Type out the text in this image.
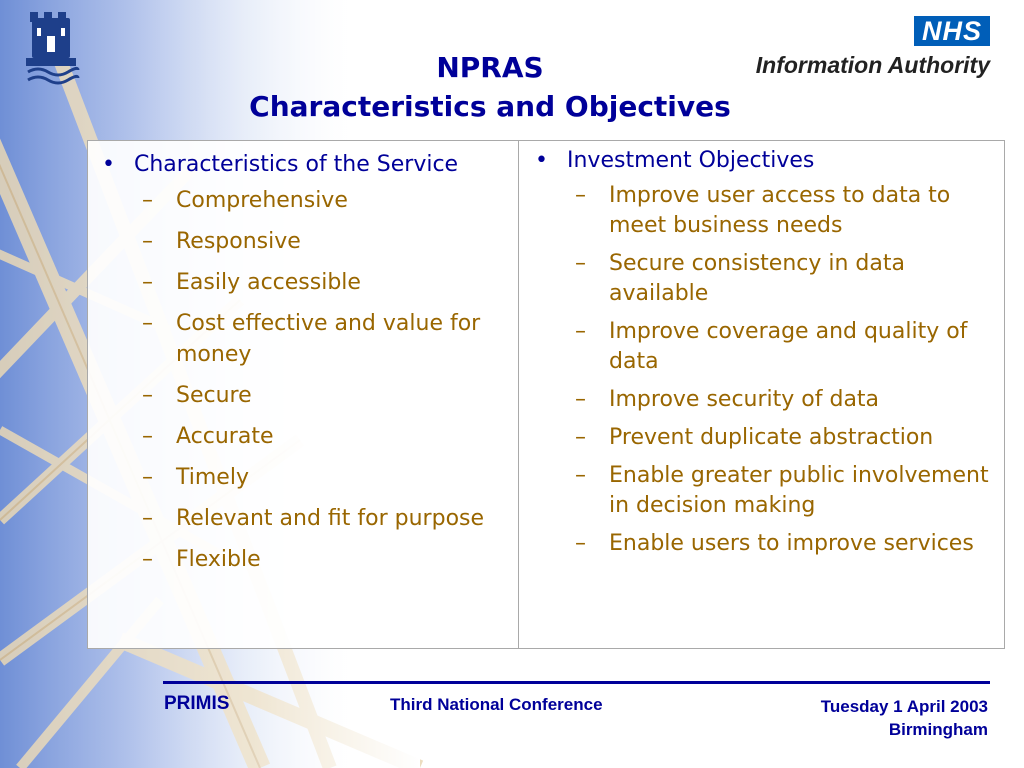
NHS
Information Authority
NPRAS
Characteristics and Objectives
• Characteristics of the Service
–	Comprehensive
–	Responsive
–	Easily accessible
–	Cost effective and value for money
–	Secure
–	Accurate
–	Timely
–	Relevant and fit for purpose
–	Flexible
• Investment Objectives
–	Improve user access to data to meet business needs
–	Secure consistency in data available
–	Improve coverage and quality of data
–	Improve security of data
–	Prevent duplicate abstraction
–	Enable greater public involvement in decision making
–	Enable users to improve services
PRIMIS	Third National Conference	Tuesday 1 April 2003
Birmingham
